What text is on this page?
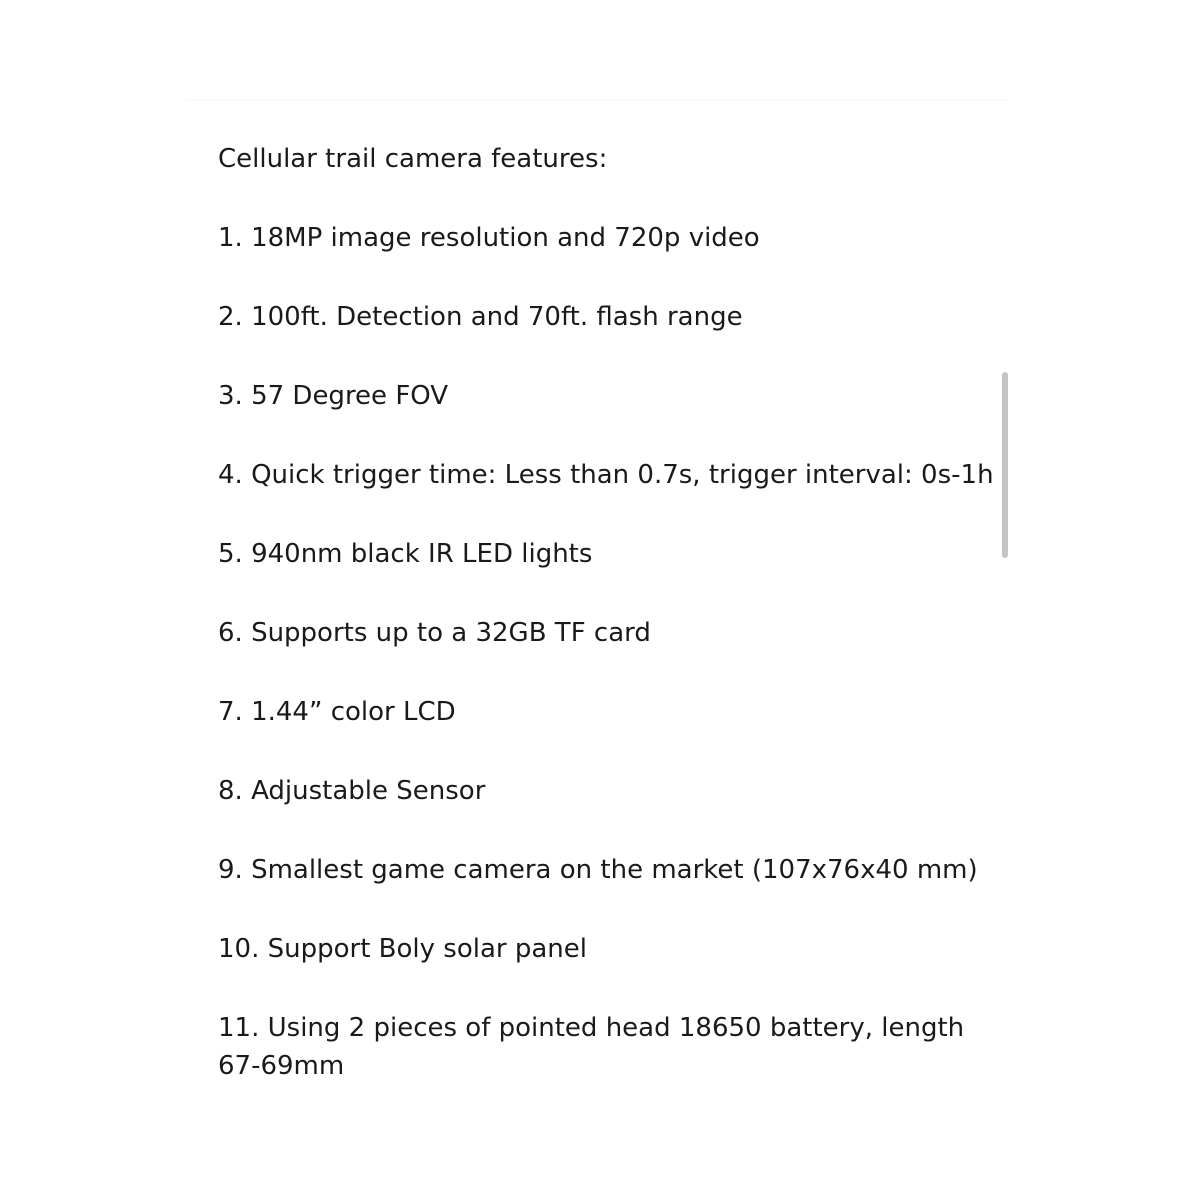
Cellular trail camera features:

1. 18MP image resolution and 720p video
2. 100ft. Detection and 70ft. flash range
3. 57 Degree FOV
4. Quick trigger time: Less than 0.7s, trigger interval: 0s-1h
5. 940nm black IR LED lights
6. Supports up to a 32GB TF card
7. 1.44” color LCD
8. Adjustable Sensor
9. Smallest game camera on the market (107x76x40 mm)
10. Support Boly solar panel
11. Using 2 pieces of pointed head 18650 battery, length 67-69mm
